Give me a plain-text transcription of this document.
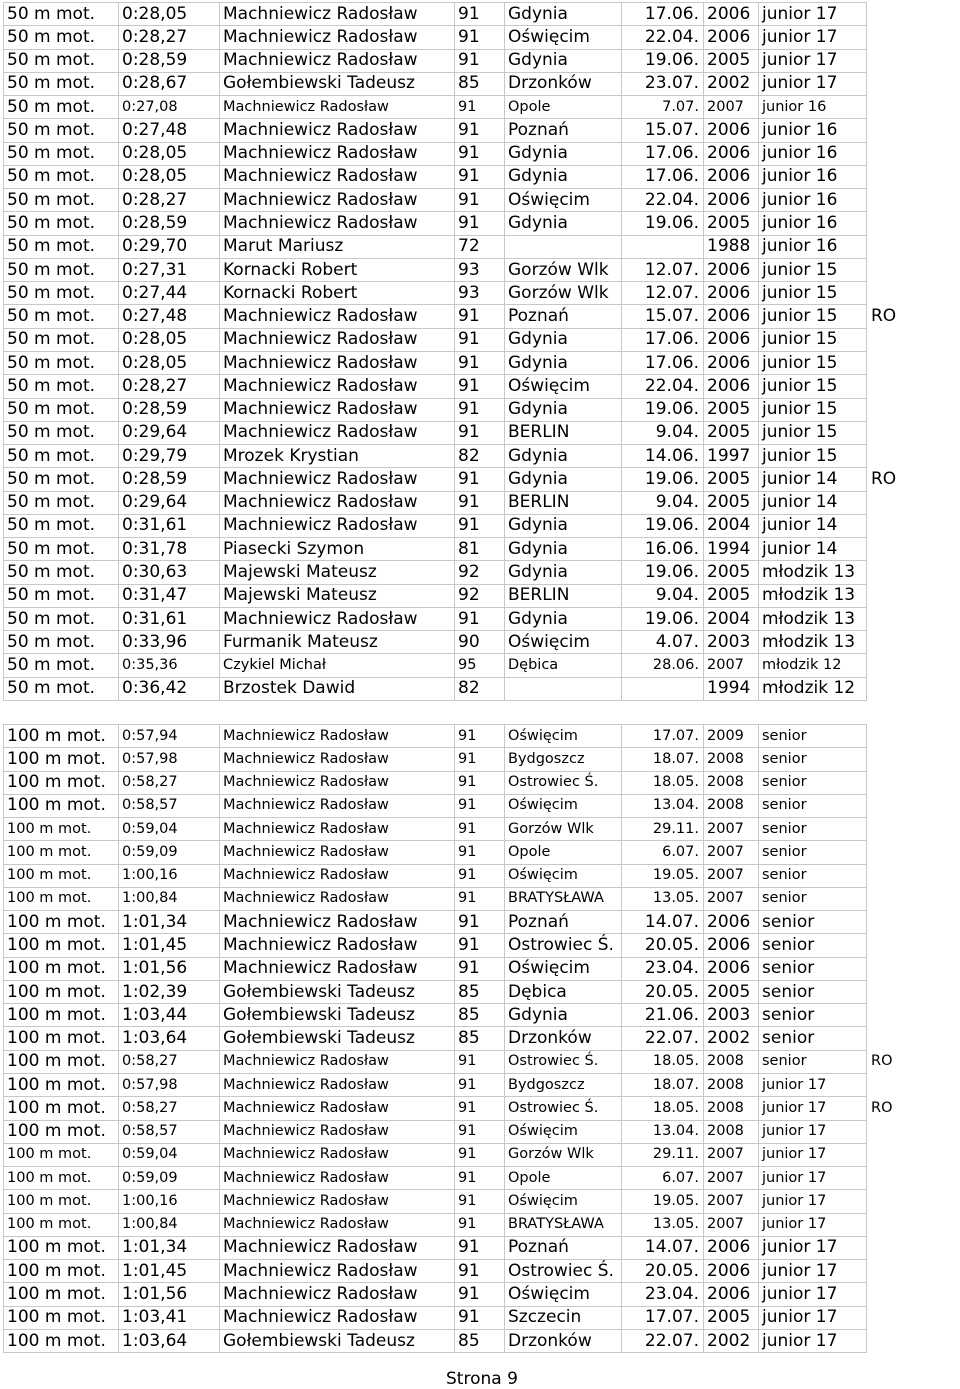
50 m mot.	0:28,05	Machniewicz Radosław	91	Gdynia	17.06.	2006	junior 17	
50 m mot.	0:28,27	Machniewicz Radosław	91	Oświęcim	22.04.	2006	junior 17	
50 m mot.	0:28,59	Machniewicz Radosław	91	Gdynia	19.06.	2005	junior 17	
50 m mot.	0:28,67	Gołembiewski Tadeusz	85	Drzonków	23.07.	2002	junior 17	
50 m mot.	0:27,08	Machniewicz Radosław	91	Opole	7.07.	2007	junior 16	
50 m mot.	0:27,48	Machniewicz Radosław	91	Poznań	15.07.	2006	junior 16	
50 m mot.	0:28,05	Machniewicz Radosław	91	Gdynia	17.06.	2006	junior 16	
50 m mot.	0:28,05	Machniewicz Radosław	91	Gdynia	17.06.	2006	junior 16	
50 m mot.	0:28,27	Machniewicz Radosław	91	Oświęcim	22.04.	2006	junior 16	
50 m mot.	0:28,59	Machniewicz Radosław	91	Gdynia	19.06.	2005	junior 16	
50 m mot.	0:29,70	Marut Mariusz	72			1988	junior 16	
50 m mot.	0:27,31	Kornacki Robert	93	Gorzów Wlk	12.07.	2006	junior 15	
50 m mot.	0:27,44	Kornacki Robert	93	Gorzów Wlk	12.07.	2006	junior 15	
50 m mot.	0:27,48	Machniewicz Radosław	91	Poznań	15.07.	2006	junior 15	RO
50 m mot.	0:28,05	Machniewicz Radosław	91	Gdynia	17.06.	2006	junior 15	
50 m mot.	0:28,05	Machniewicz Radosław	91	Gdynia	17.06.	2006	junior 15	
50 m mot.	0:28,27	Machniewicz Radosław	91	Oświęcim	22.04.	2006	junior 15	
50 m mot.	0:28,59	Machniewicz Radosław	91	Gdynia	19.06.	2005	junior 15	
50 m mot.	0:29,64	Machniewicz Radosław	91	BERLIN	9.04.	2005	junior 15	
50 m mot.	0:29,79	Mrozek Krystian	82	Gdynia	14.06.	1997	junior 15	
50 m mot.	0:28,59	Machniewicz Radosław	91	Gdynia	19.06.	2005	junior 14	RO
50 m mot.	0:29,64	Machniewicz Radosław	91	BERLIN	9.04.	2005	junior 14	
50 m mot.	0:31,61	Machniewicz Radosław	91	Gdynia	19.06.	2004	junior 14	
50 m mot.	0:31,78	Piasecki Szymon	81	Gdynia	16.06.	1994	junior 14	
50 m mot.	0:30,63	Majewski Mateusz	92	Gdynia	19.06.	2005	młodzik 13	
50 m mot.	0:31,47	Majewski Mateusz	92	BERLIN	9.04.	2005	młodzik 13	
50 m mot.	0:31,61	Machniewicz Radosław	91	Gdynia	19.06.	2004	młodzik 13	
50 m mot.	0:33,96	Furmanik Mateusz	90	Oświęcim	4.07.	2003	młodzik 13	
50 m mot.	0:35,36	Czykiel Michał	95	Dębica	28.06.	2007	młodzik 12	
50 m mot.	0:36,42	Brzostek Dawid	82			1994	młodzik 12	
100 m mot.	0:57,94	Machniewicz Radosław	91	Oświęcim	17.07.	2009	senior	
100 m mot.	0:57,98	Machniewicz Radosław	91	Bydgoszcz	18.07.	2008	senior	
100 m mot.	0:58,27	Machniewicz Radosław	91	Ostrowiec Ś.	18.05.	2008	senior	
100 m mot.	0:58,57	Machniewicz Radosław	91	Oświęcim	13.04.	2008	senior	
100 m mot.	0:59,04	Machniewicz Radosław	91	Gorzów Wlk	29.11.	2007	senior	
100 m mot.	0:59,09	Machniewicz Radosław	91	Opole	6.07.	2007	senior	
100 m mot.	1:00,16	Machniewicz Radosław	91	Oświęcim	19.05.	2007	senior	
100 m mot.	1:00,84	Machniewicz Radosław	91	BRATYSŁAWA	13.05.	2007	senior	
100 m mot.	1:01,34	Machniewicz Radosław	91	Poznań	14.07.	2006	senior	
100 m mot.	1:01,45	Machniewicz Radosław	91	Ostrowiec Ś.	20.05.	2006	senior	
100 m mot.	1:01,56	Machniewicz Radosław	91	Oświęcim	23.04.	2006	senior	
100 m mot.	1:02,39	Gołembiewski Tadeusz	85	Dębica	20.05.	2005	senior	
100 m mot.	1:03,44	Gołembiewski Tadeusz	85	Gdynia	21.06.	2003	senior	
100 m mot.	1:03,64	Gołembiewski Tadeusz	85	Drzonków	22.07.	2002	senior	
100 m mot.	0:58,27	Machniewicz Radosław	91	Ostrowiec Ś.	18.05.	2008	senior	RO
100 m mot.	0:57,98	Machniewicz Radosław	91	Bydgoszcz	18.07.	2008	junior 17	
100 m mot.	0:58,27	Machniewicz Radosław	91	Ostrowiec Ś.	18.05.	2008	junior 17	RO
100 m mot.	0:58,57	Machniewicz Radosław	91	Oświęcim	13.04.	2008	junior 17	
100 m mot.	0:59,04	Machniewicz Radosław	91	Gorzów Wlk	29.11.	2007	junior 17	
100 m mot.	0:59,09	Machniewicz Radosław	91	Opole	6.07.	2007	junior 17	
100 m mot.	1:00,16	Machniewicz Radosław	91	Oświęcim	19.05.	2007	junior 17	
100 m mot.	1:00,84	Machniewicz Radosław	91	BRATYSŁAWA	13.05.	2007	junior 17	
100 m mot.	1:01,34	Machniewicz Radosław	91	Poznań	14.07.	2006	junior 17	
100 m mot.	1:01,45	Machniewicz Radosław	91	Ostrowiec Ś.	20.05.	2006	junior 17	
100 m mot.	1:01,56	Machniewicz Radosław	91	Oświęcim	23.04.	2006	junior 17	
100 m mot.	1:03,41	Machniewicz Radosław	91	Szczecin	17.07.	2005	junior 17	
100 m mot.	1:03,64	Gołembiewski Tadeusz	85	Drzonków	22.07.	2002	junior 17	
Strona 9
